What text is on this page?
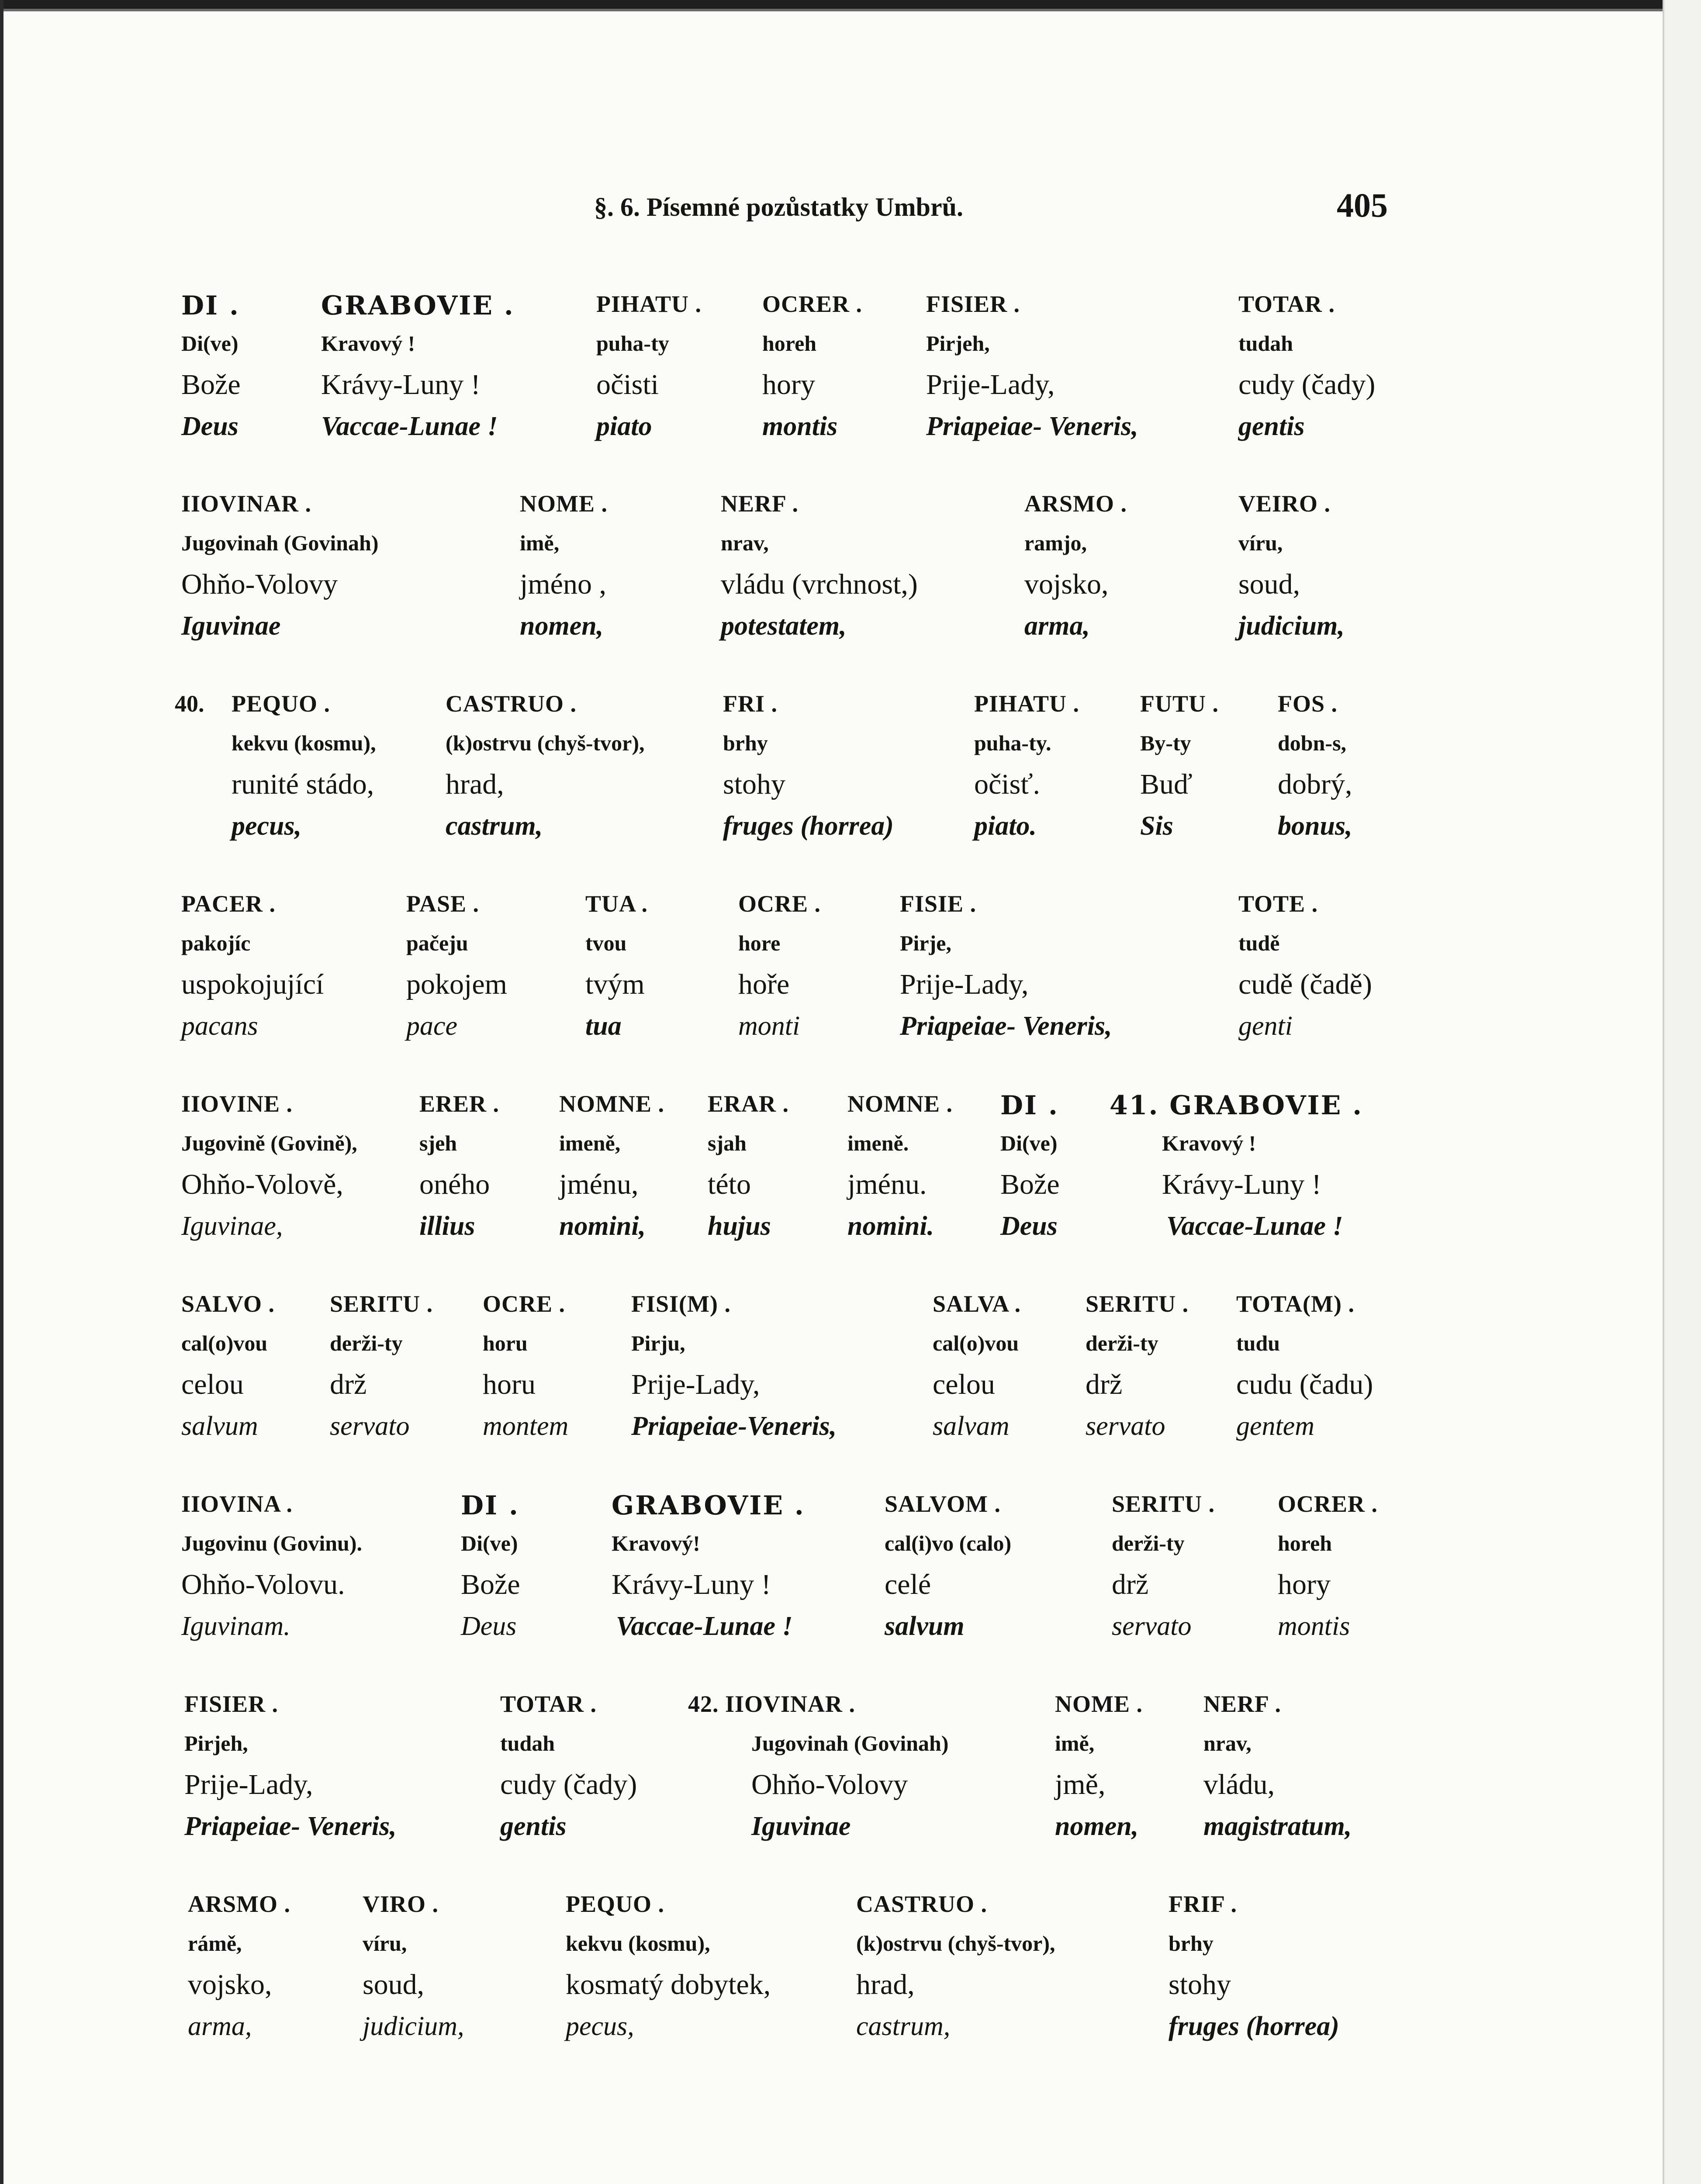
§. 6. Písemné pozůstatky Umbrů.	405
DI .
Di(ve)
Bože
Deus
GRABOVIE .
Kravový !
Krávy-Luny !
Vaccae-Lunae !
PIHATU .
puha-ty
očisti
piato
OCRER .
horeh
hory
montis
FISIER .
Pirjeh,
Prije-Lady,
Priapeiae- Veneris,
TOTAR .
tudah
cudy (čady)
gentis
IIOVINAR .
Jugovinah (Govinah)
Ohňo-Volovy
Iguvinae
NOME .
imě,
jméno ,
nomen,
NERF .
nrav,
vládu (vrchnost,)
potestatem,
ARSMO .
ramjo,
vojsko,
arma,
VEIRO .
víru,
soud,
judicium,
40. PEQUO .
kekvu (kosmu),
runité stádo,
pecus,
CASTRUO .
(k)ostrvu (chyš-tvor),
hrad,
castrum,
FRI .
brhy
stohy
fruges (horrea)
PIHATU .
puha-ty.
očisť.
piato.
FUTU .
By-ty
Buď
Sis
FOS .
dobn-s,
dobrý,
bonus,
PACER .
pakojíc
uspokojující
pacans
PASE .
pačeju
pokojem
pace
TUA .
tvou
tvým
tua
OCRE .
hore
hoře
monti
FISIE .
Pirje,
Prije-Lady,
Priapeiae- Veneris,
TOTE .
tudě
cudě (čadě)
genti
IIOVINE .
Jugovině (Govině),
Ohňo-Volově,
Iguvinae,
ERER .
sjeh
oného
illius
NOMNE .
imeně,
jménu,
nomini,
ERAR .
sjah
této
hujus
NOMNE .
imeně.
jménu.
nomini.
DI .
Di(ve)
Bože
Deus
41. GRABOVIE .
Kravový !
Krávy-Luny !
Vaccae-Lunae !
SALVO .
cal(o)vou
celou
salvum
SERITU .
derži-ty
drž
servato
OCRE .
horu
horu
montem
FISI(M) .
Pirju,
Prije-Lady,
Priapeiae-Veneris,
SALVA .
cal(o)vou
celou
salvam
SERITU .
derži-ty
drž
servato
TOTA(M) .
tudu
cudu (čadu)
gentem
IIOVINA .
Jugovinu (Govinu).
Ohňo-Volovu.
Iguvinam.
DI .
Di(ve)
Bože
Deus
GRABOVIE .
Kravový!
Krávy-Luny !
Vaccae-Lunae !
SALVOM .
cal(i)vo (calo)
celé
salvum
SERITU .
derži-ty
drž
servato
OCRER .
horeh
hory
montis
FISIER .
Pirjeh,
Prije-Lady,
Priapeiae- Veneris,
TOTAR .
tudah
cudy (čady)
gentis
42. IIOVINAR .
Jugovinah (Govinah)
Ohňo-Volovy
Iguvinae
NOME .
imě,
jmě,
nomen,
NERF .
nrav,
vládu,
magistratum,
ARSMO .
rámě,
vojsko,
arma,
VIRO .
víru,
soud,
judicium,
PEQUO .
kekvu (kosmu),
kosmatý dobytek,
pecus,
CASTRUO .
(k)ostrvu (chyš-tvor),
hrad,
castrum,
FRIF .
brhy
stohy
fruges (horrea)
